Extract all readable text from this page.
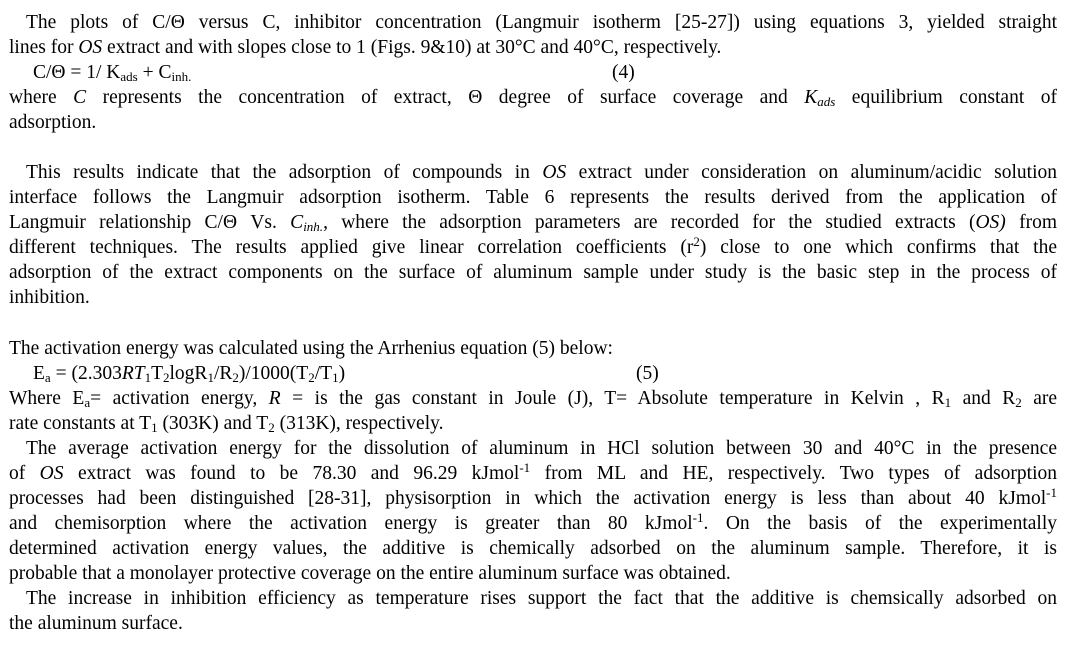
The plots of C/Θ versus C, inhibitor concentration (Langmuir isotherm [25-27]) using equations 3, yielded straight
lines for OS extract and with slopes close to 1 (Figs. 9&10) at 30°C and 40°C, respectively.
C/Θ = 1/ $K_{ads} + C_{inh.}$	(4)
where C represents the concentration of extract, Θ degree of surface coverage and $K_{ads}$ equilibrium constant of
adsorption.
This results indicate that the adsorption of compounds in OS extract under consideration on aluminum/acidic solution
interface follows the Langmuir adsorption isotherm. Table 6 represents the results derived from the application of
Langmuir relationship C/Θ Vs. $C_{inh.}$, where the adsorption parameters are recorded for the studied extracts (OS) from
different techniques. The results applied give linear correlation coefficients $(r^2)$ close to one which confirms that the
adsorption of the extract components on the surface of aluminum sample under study is the basic step in the process of
inhibition.
The activation energy was calculated using the Arrhenius equation (5) below:
$E_a = (2.303RT_1T_2\log R_1/R_2)/1000(T_2/T_1)$	(5)
Where $E_a=$ activation energy, R = is the gas constant in Joule (J), T= Absolute temperature in Kelvin , $R_1$ and $R_2$ are
rate constants at $T_1$ (303K) and $T_2$ (313K), respectively.
The average activation energy for the dissolution of aluminum in HCl solution between 30 and 40°C in the presence
of OS extract was found to be 78.30 and 96.29 kJmol$^{-1}$ from ML and HE, respectively. Two types of adsorption
processes had been distinguished [28-31], physisorption in which the activation energy is less than about 40 kJmol$^{-1}$
and chemisorption where the activation energy is greater than 80 kJmol$^{-1}$. On the basis of the experimentally
determined activation energy values, the additive is chemically adsorbed on the aluminum sample. Therefore, it is
probable that a monolayer protective coverage on the entire aluminum surface was obtained.
The increase in inhibition efficiency as temperature rises support the fact that the additive is chemsically adsorbed on
the aluminum surface.
